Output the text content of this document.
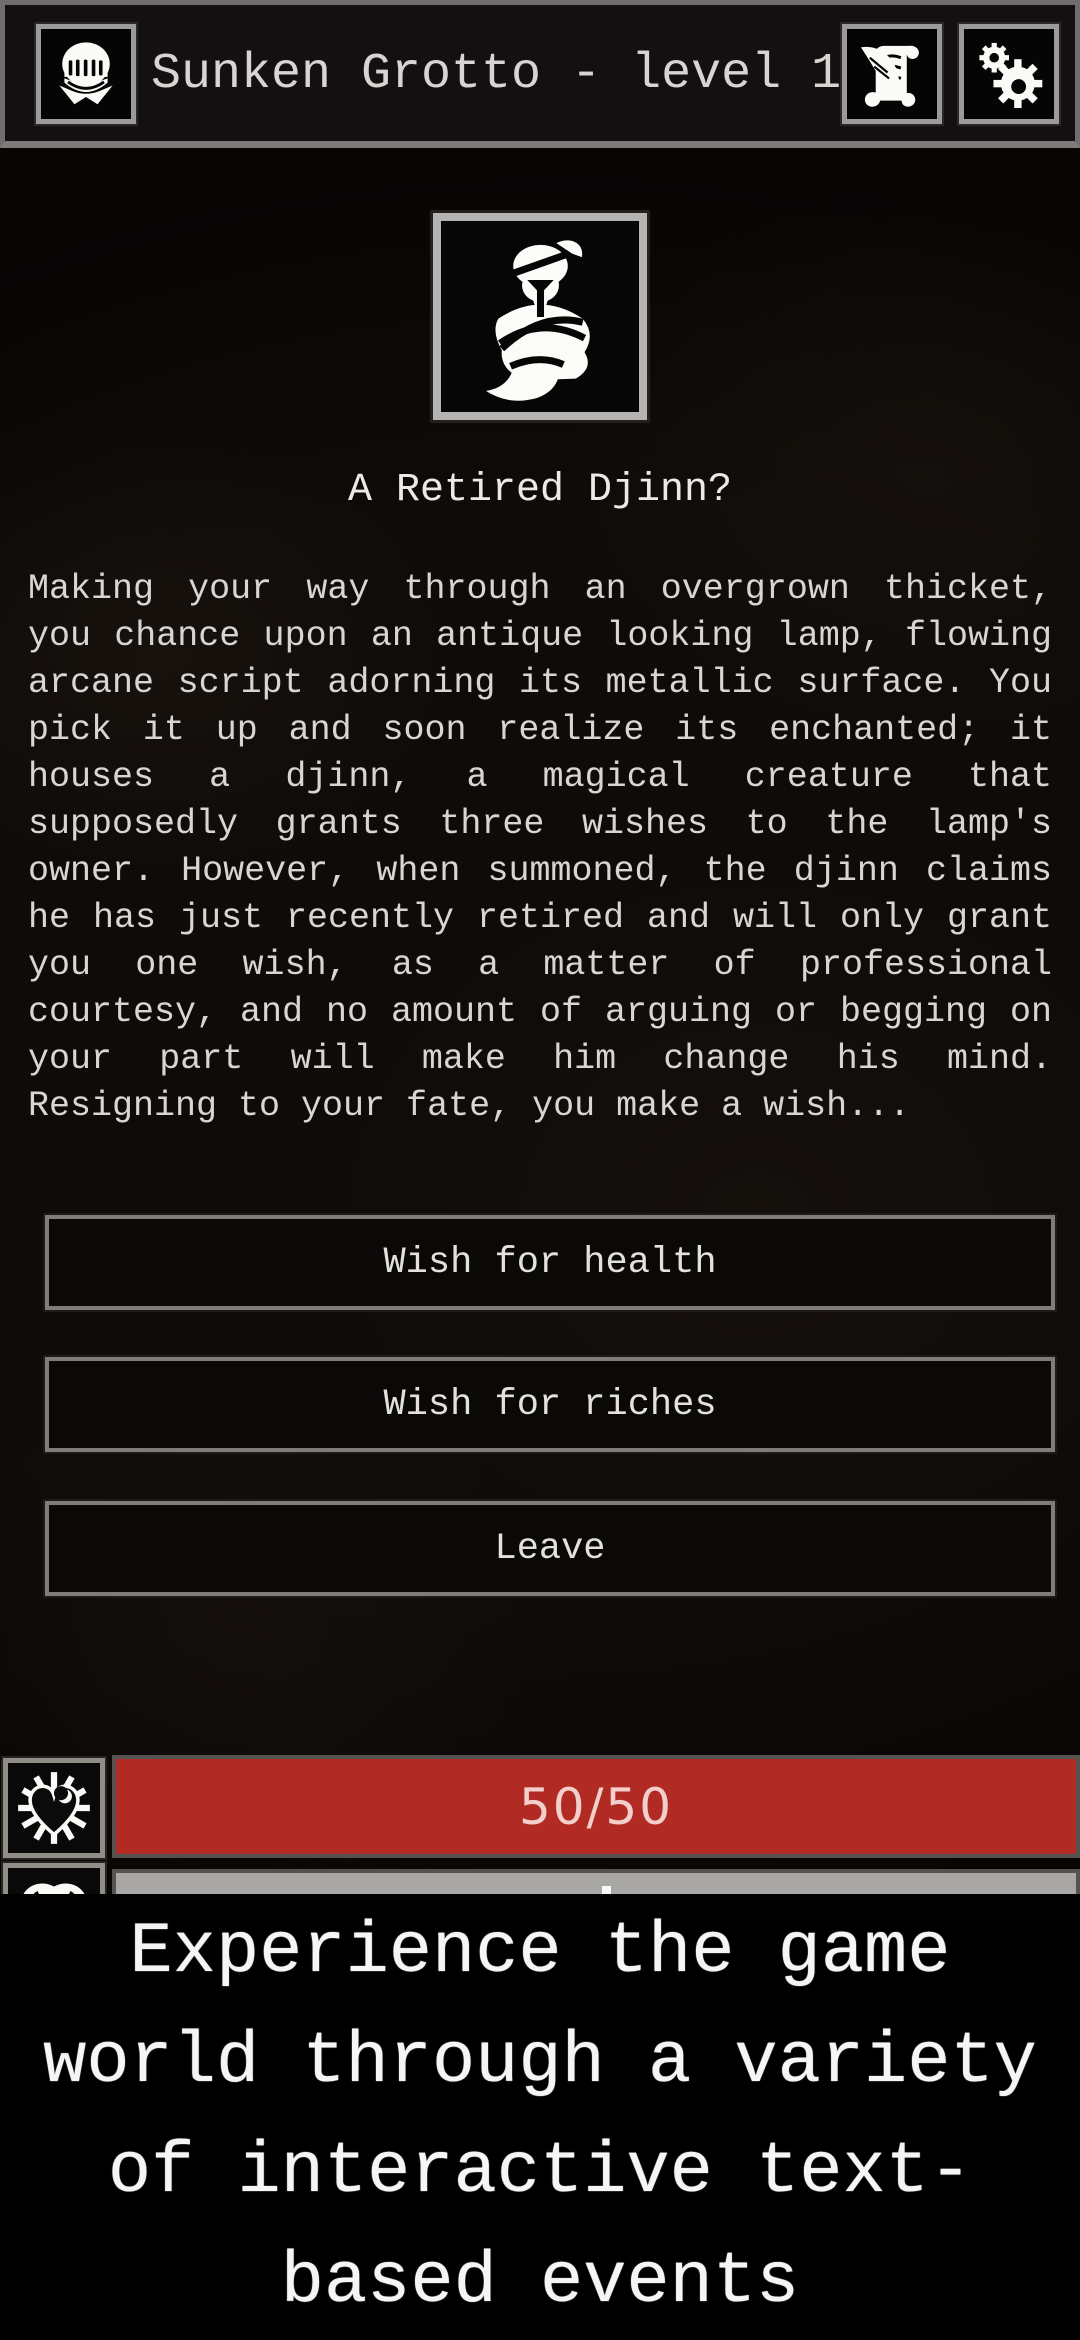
Sunken Grotto - level 1
A Retired Djinn?
Making your way through an overgrown thicket, you chance upon an antique looking lamp, flowing arcane script adorning its metallic surface. You pick it up and soon realize its enchanted; it houses a djinn, a magical creature that supposedly grants three wishes to the lamp's owner. However, when summoned, the djinn claims he has just recently retired and will only grant you one wish, as a matter of professional courtesy, and no amount of arguing or begging on your part will make him change his mind. Resigning to your fate, you make a wish...
Wish for health
Wish for riches
Leave
50/50
Experience the game
world through a variety
of interactive text-
based events
